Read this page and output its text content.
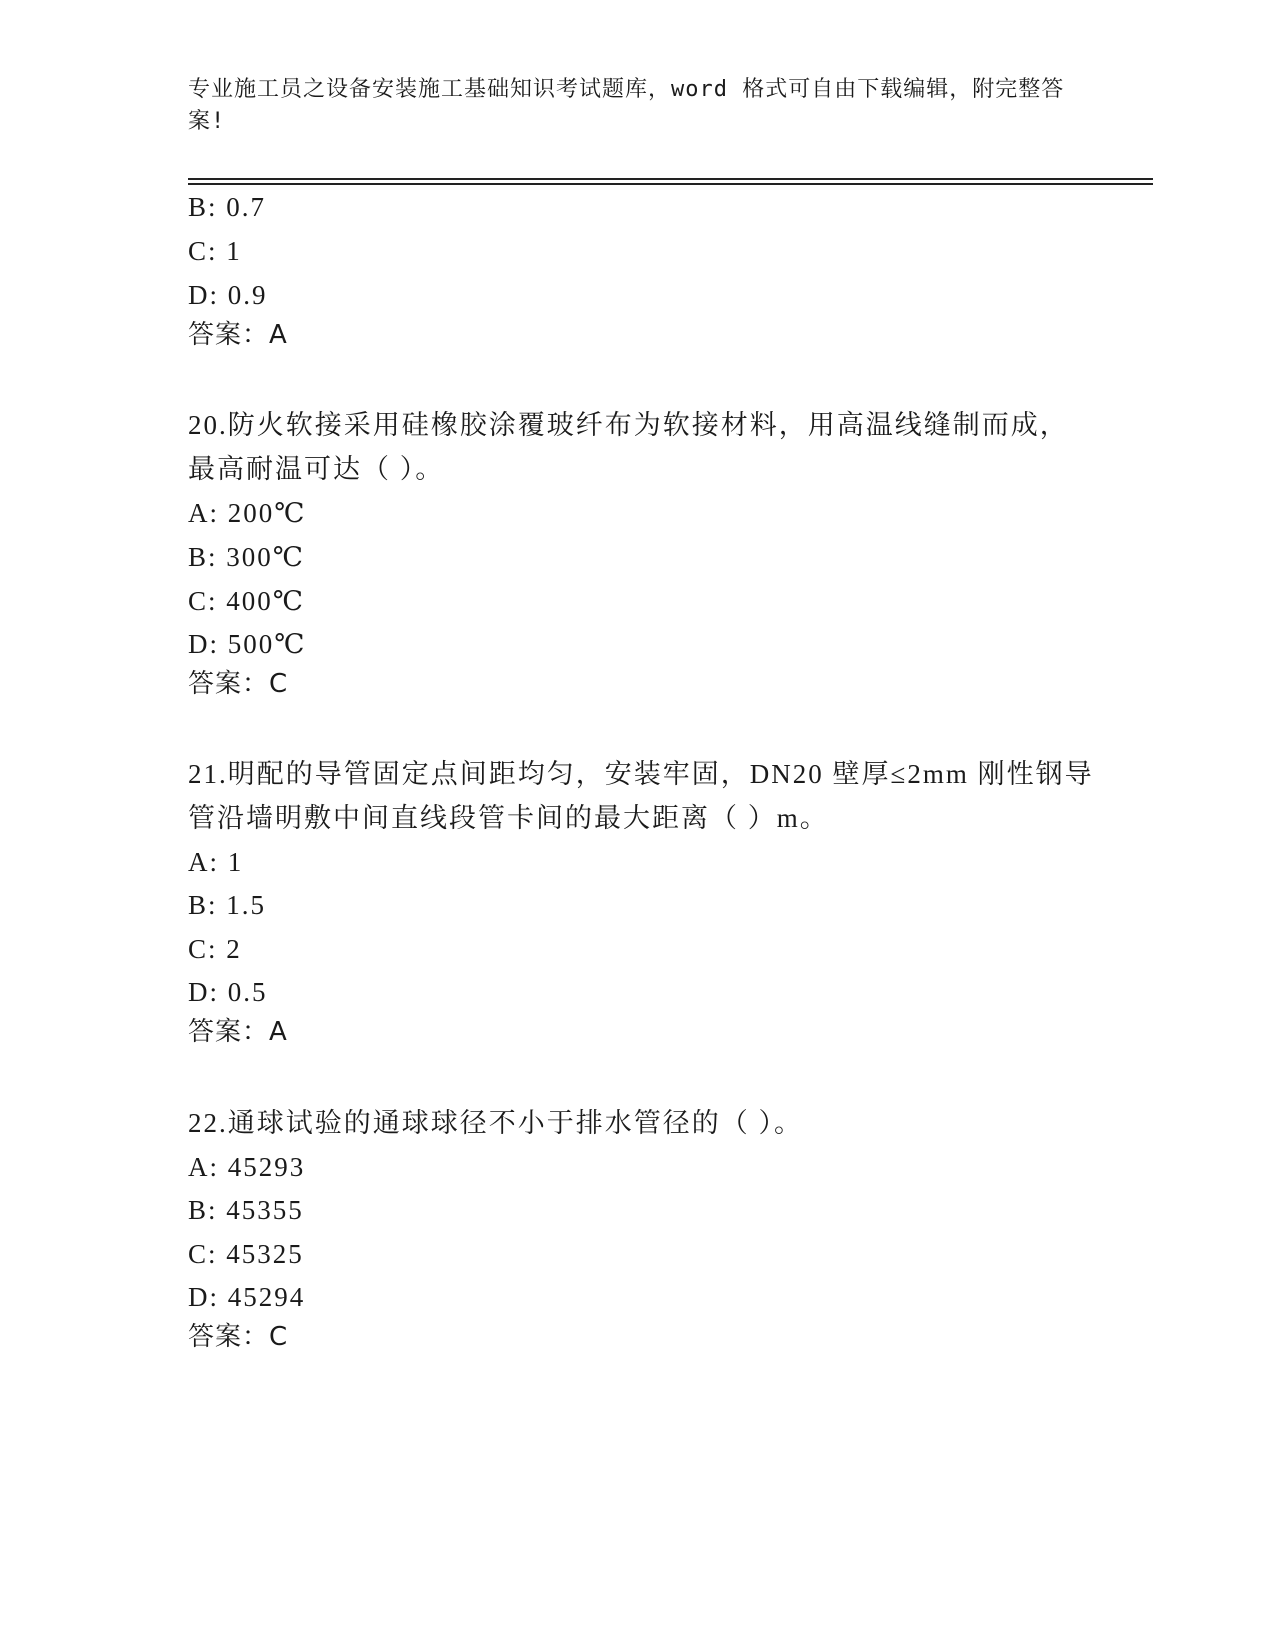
专业施工员之设备安装施工基础知识考试题库，word 格式可自由下载编辑，附完整答案!
B: 0.7
C: 1
D: 0.9
答案：A
20.防火软接采用硅橡胶涂覆玻纤布为软接材料，用高温线缝制而成，
最高耐温可达（ ）。
A: 200℃
B: 300℃
C: 400℃
D: 500℃
答案：C
21.明配的导管固定点间距均匀，安装牢固，DN20 壁厚≤2mm 刚性钢导
管沿墙明敷中间直线段管卡间的最大距离（ ）m。
A: 1
B: 1.5
C: 2
D: 0.5
答案：A
22.通球试验的通球球径不小于排水管径的（ ）。
A: 45293
B: 45355
C: 45325
D: 45294
答案：C
